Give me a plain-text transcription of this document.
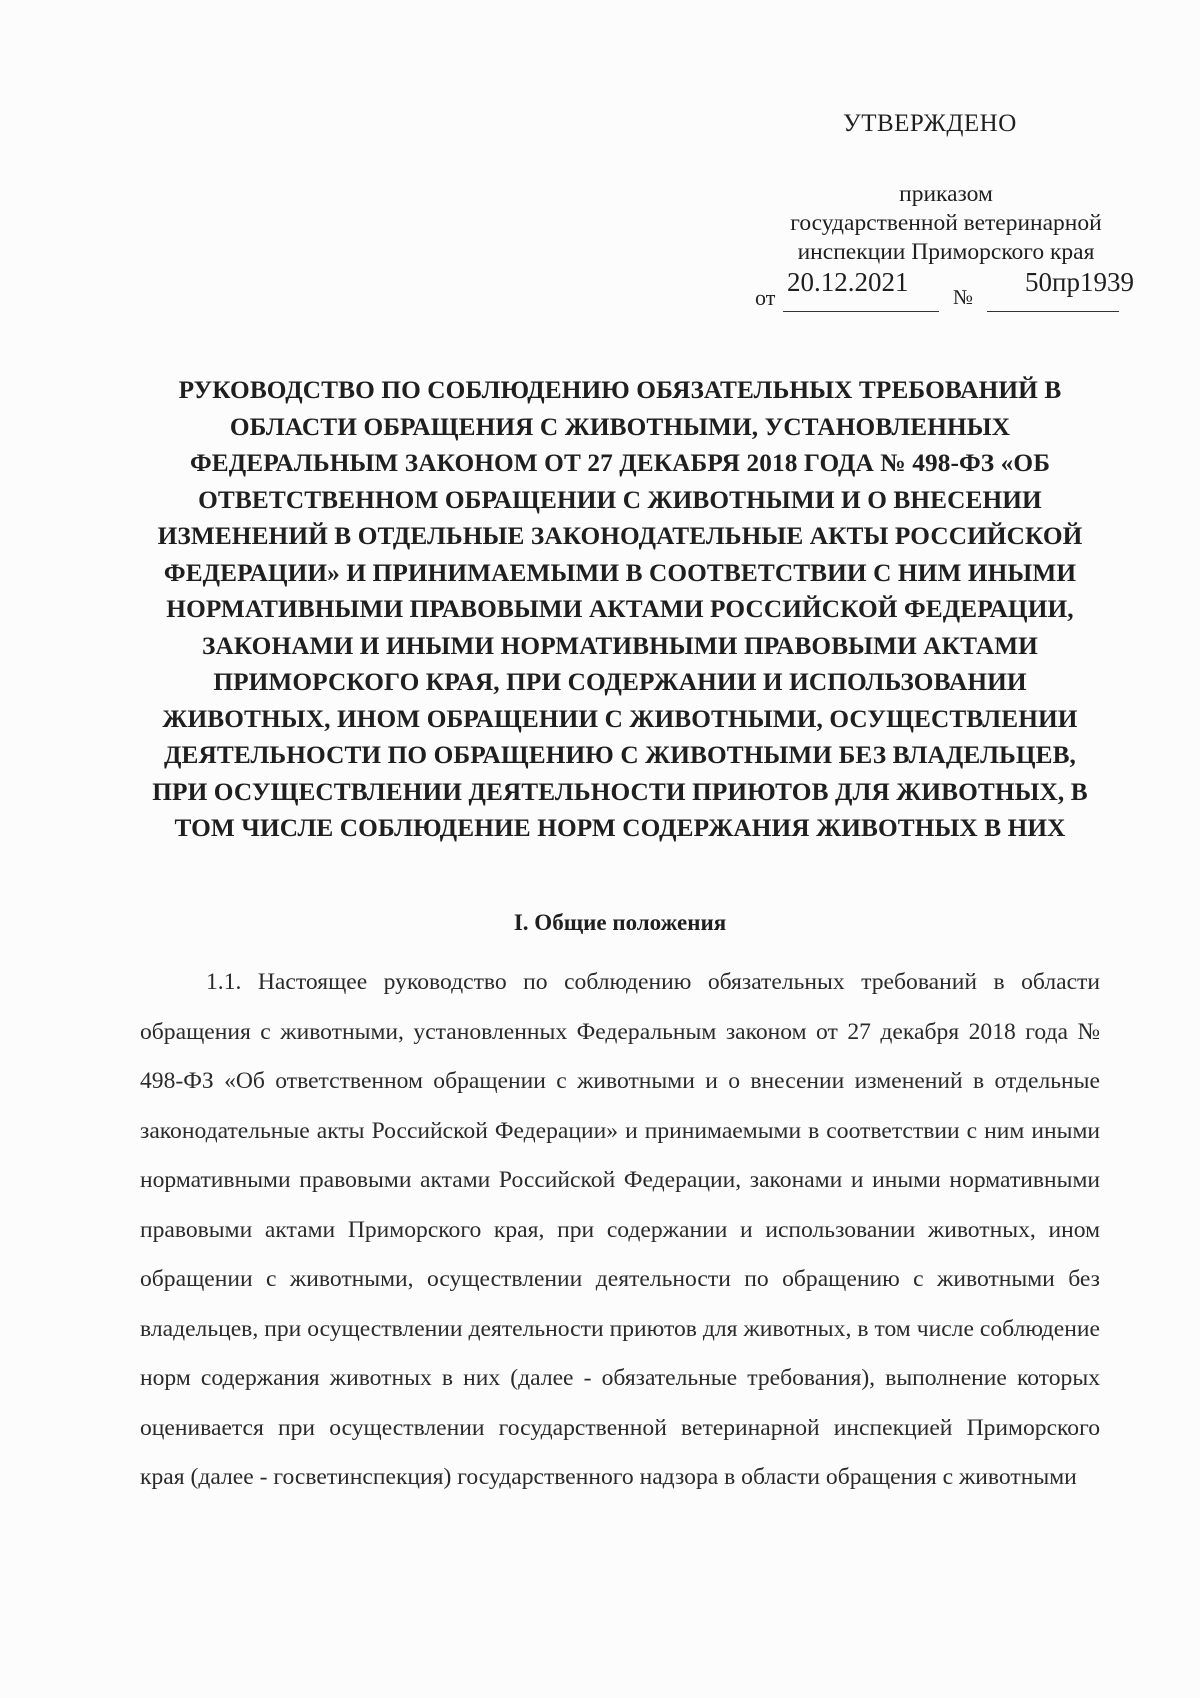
УТВЕРЖДЕНО
приказом
государственной ветеринарной
инспекции Приморского края
от
20.12.2021 № 50пр1939
РУКОВОДСТВО ПО СОБЛЮДЕНИЮ ОБЯЗАТЕЛЬНЫХ ТРЕБОВАНИЙ В ОБЛАСТИ ОБРАЩЕНИЯ С ЖИВОТНЫМИ, УСТАНОВЛЕННЫХ ФЕДЕРАЛЬНЫМ ЗАКОНОМ ОТ 27 ДЕКАБРЯ 2018 ГОДА № 498-ФЗ «ОБ ОТВЕТСТВЕННОМ ОБРАЩЕНИИ С ЖИВОТНЫМИ И О ВНЕСЕНИИ ИЗМЕНЕНИЙ В ОТДЕЛЬНЫЕ ЗАКОНОДАТЕЛЬНЫЕ АКТЫ РОССИЙСКОЙ ФЕДЕРАЦИИ» И ПРИНИМАЕМЫМИ В СООТВЕТСТВИИ С НИМ ИНЫМИ НОРМАТИВНЫМИ ПРАВОВЫМИ АКТАМИ РОССИЙСКОЙ ФЕДЕРАЦИИ, ЗАКОНАМИ И ИНЫМИ НОРМАТИВНЫМИ ПРАВОВЫМИ АКТАМИ ПРИМОРСКОГО КРАЯ, ПРИ СОДЕРЖАНИИ И ИСПОЛЬЗОВАНИИ ЖИВОТНЫХ, ИНОМ ОБРАЩЕНИИ С ЖИВОТНЫМИ, ОСУЩЕСТВЛЕНИИ ДЕЯТЕЛЬНОСТИ ПО ОБРАЩЕНИЮ С ЖИВОТНЫМИ БЕЗ ВЛАДЕЛЬЦЕВ, ПРИ ОСУЩЕСТВЛЕНИИ ДЕЯТЕЛЬНОСТИ ПРИЮТОВ ДЛЯ ЖИВОТНЫХ, В ТОМ ЧИСЛЕ СОБЛЮДЕНИЕ НОРМ СОДЕРЖАНИЯ ЖИВОТНЫХ В НИХ
I. Общие положения
1.1. Настоящее руководство по соблюдению обязательных требований в области обращения с животными, установленных Федеральным законом от 27 декабря 2018 года № 498-ФЗ «Об ответственном обращении с животными и о внесении изменений в отдельные законодательные акты Российской Федерации» и принимаемыми в соответствии с ним иными нормативными правовыми актами Российской Федерации, законами и иными нормативными правовыми актами Приморского края, при содержании и использовании животных, ином обращении с животными, осуществлении деятельности по обращению с животными без владельцев, при осуществлении деятельности приютов для животных, в том числе соблюдение норм содержания животных в них (далее - обязательные требования), выполнение которых оценивается при осуществлении государственной ветеринарной инспекцией Приморского края (далее - госветинспекция) государственного надзора в области обращения с животными
